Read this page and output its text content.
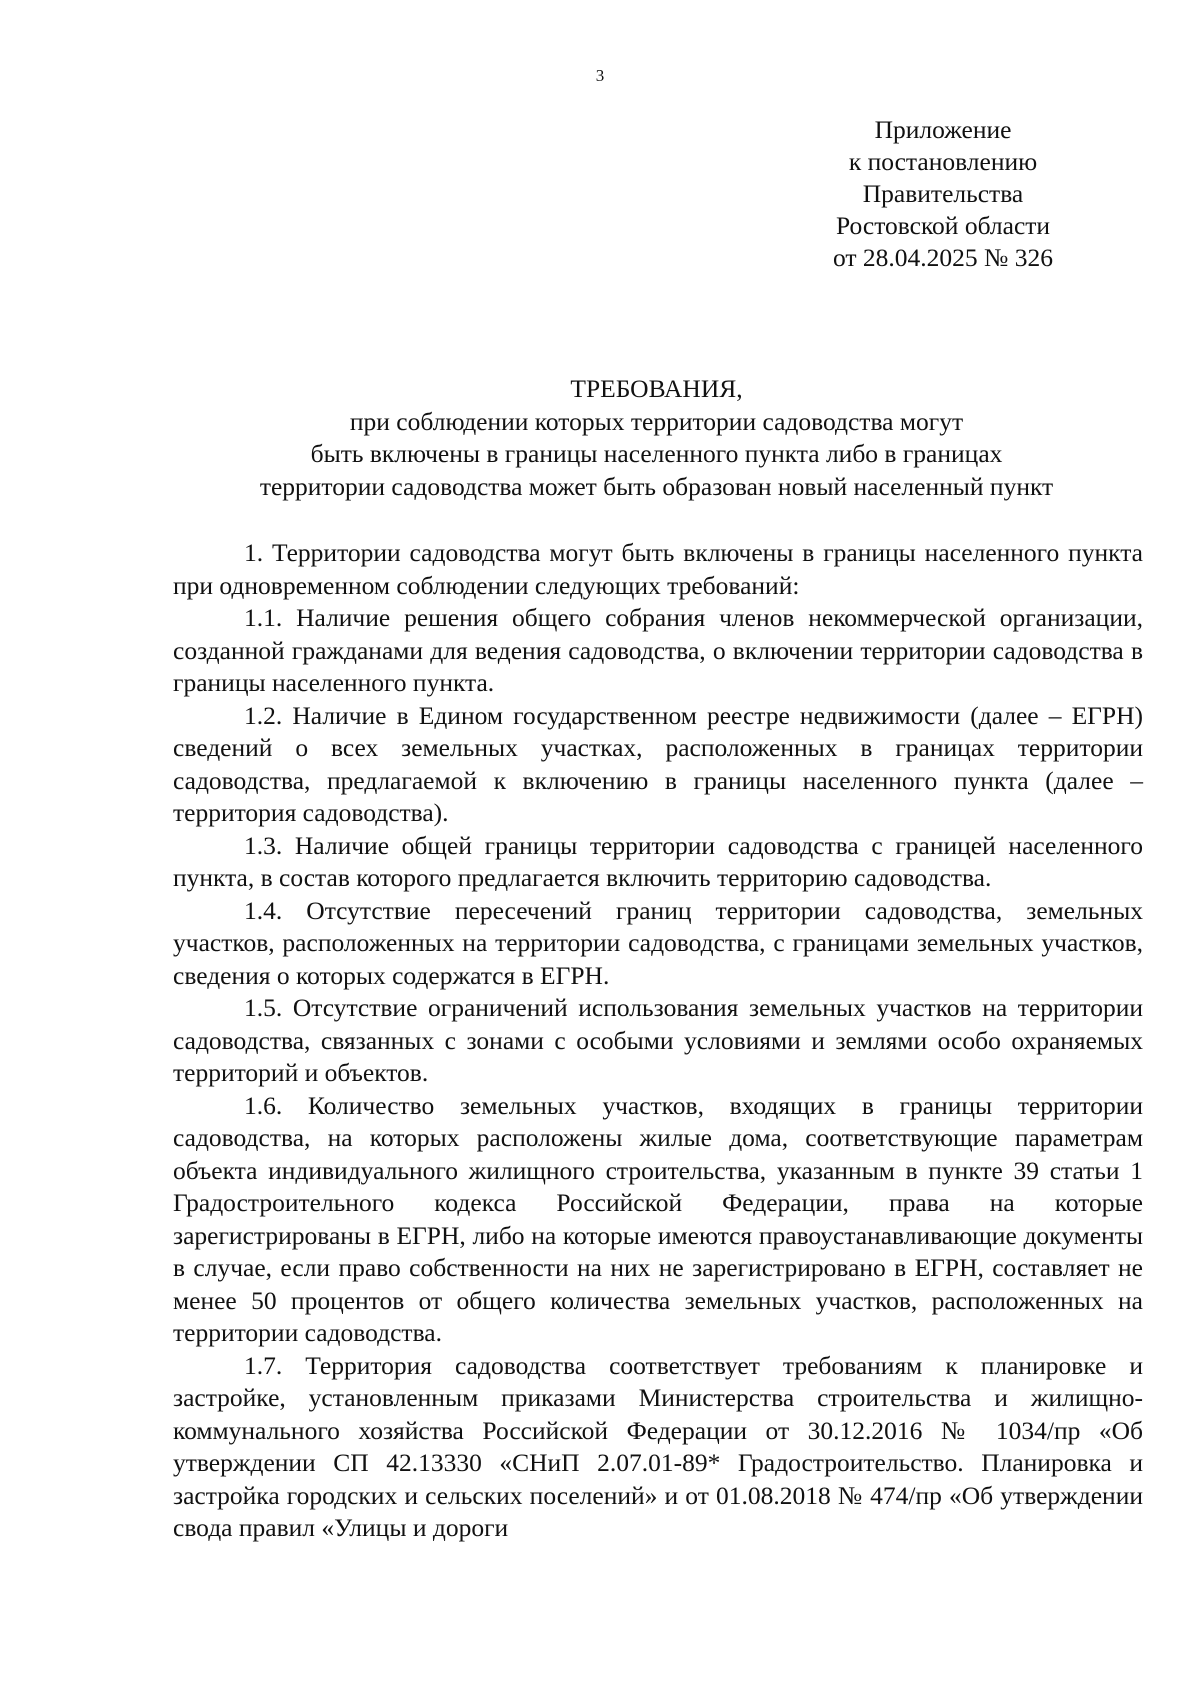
3
Приложение
к постановлению
Правительства
Ростовской области
от 28.04.2025 № 326
ТРЕБОВАНИЯ,
при соблюдении которых территории садоводства могут
быть включены в границы населенного пункта либо в границах
территории садоводства может быть образован новый населенный пункт

1. Территории садоводства могут быть включены в границы населенного пункта при одновременном соблюдении следующих требований:

1.1. Наличие решения общего собрания членов некоммерческой организации, созданной гражданами для ведения садоводства, о включении территории садоводства в границы населенного пункта.

1.2. Наличие в Едином государственном реестре недвижимости (далее – ЕГРН) сведений о всех земельных участках, расположенных в границах территории садоводства, предлагаемой к включению в границы населенного пункта (далее – территория садоводства).

1.3. Наличие общей границы территории садоводства с границей населенного пункта, в состав которого предлагается включить территорию садоводства.

1.4. Отсутствие пересечений границ территории садоводства, земельных участков, расположенных на территории садоводства, с границами земельных участков, сведения о которых содержатся в ЕГРН.

1.5. Отсутствие ограничений использования земельных участков на территории садоводства, связанных с зонами с особыми условиями и землями особо охраняемых территорий и объектов.

1.6. Количество земельных участков, входящих в границы территории садоводства, на которых расположены жилые дома, соответствующие параметрам объекта индивидуального жилищного строительства, указанным в пункте 39 статьи 1 Градостроительного кодекса Российской Федерации, права на которые зарегистрированы в ЕГРН, либо на которые имеются правоустанавливающие документы в случае, если право собственности на них не зарегистрировано в ЕГРН, составляет не менее 50 процентов от общего количества земельных участков, расположенных на территории садоводства.

1.7. Территория садоводства соответствует требованиям к планировке и застройке, установленным приказами Министерства строительства и жилищно-коммунального хозяйства Российской Федерации от 30.12.2016 № 1034/пр «Об утверждении СП 42.13330 «СНиП 2.07.01-89* Градостроительство. Планировка и застройка городских и сельских поселений» и от 01.08.2018 № 474/пр «Об утверждении свода правил «Улицы и дороги
